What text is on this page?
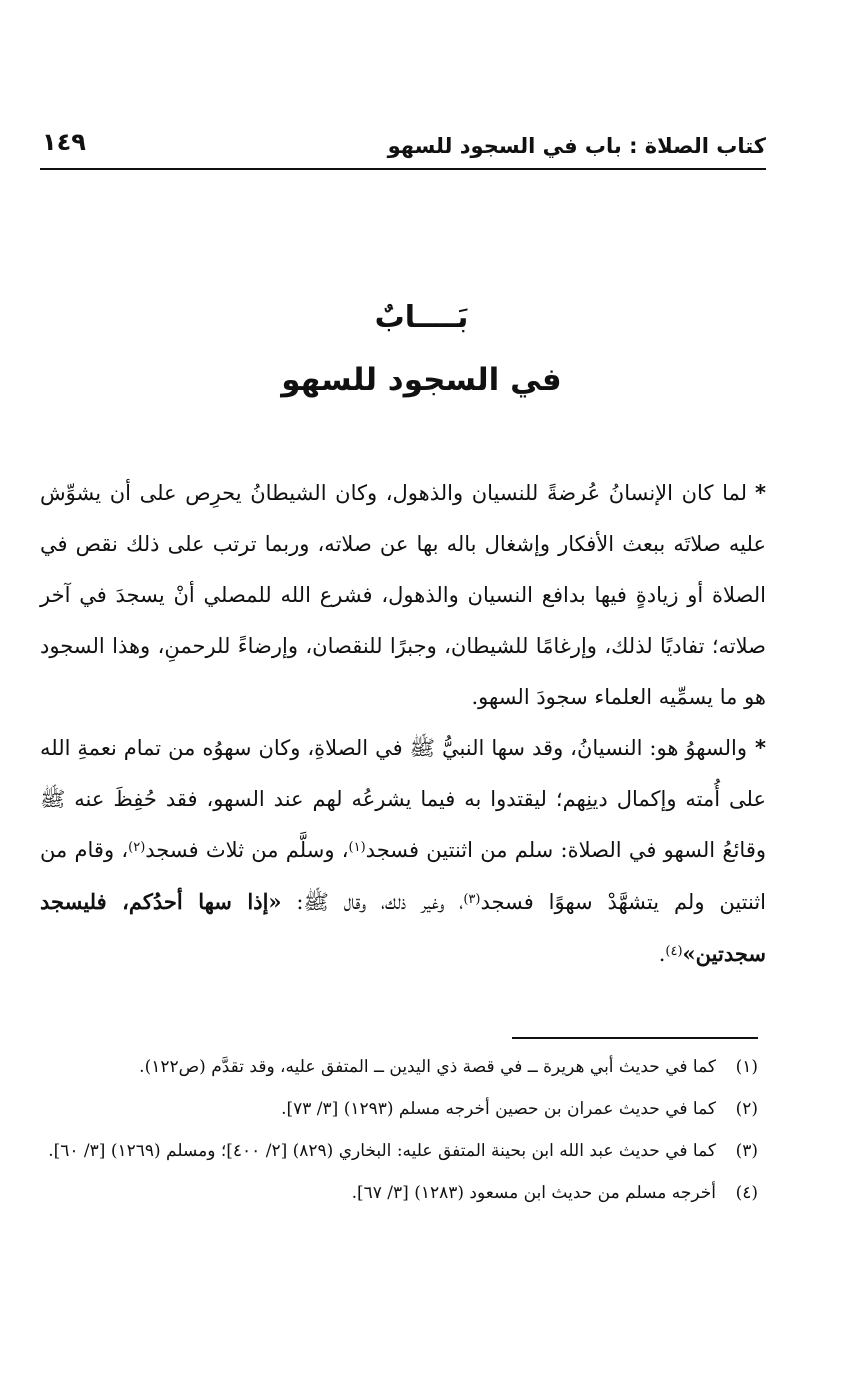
كتاب الصلاة : باب في السجود للسهو
١٤٩
بَــــابٌ
في السجود للسهو

*لما كان الإنسانُ عُرضةً للنسيان والذهول، وكان الشيطانُ يحرِص على أن يشوِّش عليه صلاتَه ببعث الأفكار وإشغال باله بها عن صلاته، وربما ترتب على ذلك نقص في الصلاة أو زيادةٍ فيها بدافع النسيان والذهول، فشرع الله للمصلي أنْ يسجدَ في آخر صلاته؛ تفاديًا لذلك، وإرغامًا للشيطان، وجبرًا للنقصان، وإرضاءً للرحمنِ، وهذا السجود هو ما يسمِّيه العلماء سجودَ السهو.

*والسهوُ هو: النسيانُ، وقد سها النبيُّ ﷺ في الصلاةِ، وكان سهوُه من تمام نعمةِ الله على أُمته وإكمال دينِهم؛ ليقتدوا به فيما يشرعُه لهم عند السهو، فقد حُفِظَ عنه ﷺ وقائعُ السهو في الصلاة: سلم من اثنتين فسجد$^{(١)}$، وسلَّم من ثلاث فسجد$^{(٢)}$، وقام من اثنتين ولم يتشهَّدْ سهوًا فسجد$^{(٣)}$، وغير ذلك، وقال ﷺ: «إذا سها أحدُكم، فليسجد سجدتين»$^{(٤)}$.

(١)
كما في حديث أبي هريرة ــ في قصة ذي اليدين ــ المتفق عليه، وقد تقدَّم (ص١٢٢).

(٢)
كما في حديث عمران بن حصين أخرجه مسلم (١٢٩٣) [٣/ ٧٣].

(٣)
كما في حديث عبد الله ابن بحينة المتفق عليه: البخاري (٨٢٩) [٢/ ٤٠٠]؛ ومسلم (١٢٦٩) [٣/ ٦٠].

(٤)
أخرجه مسلم من حديث ابن مسعود (١٢٨٣) [٣/ ٦٧].
